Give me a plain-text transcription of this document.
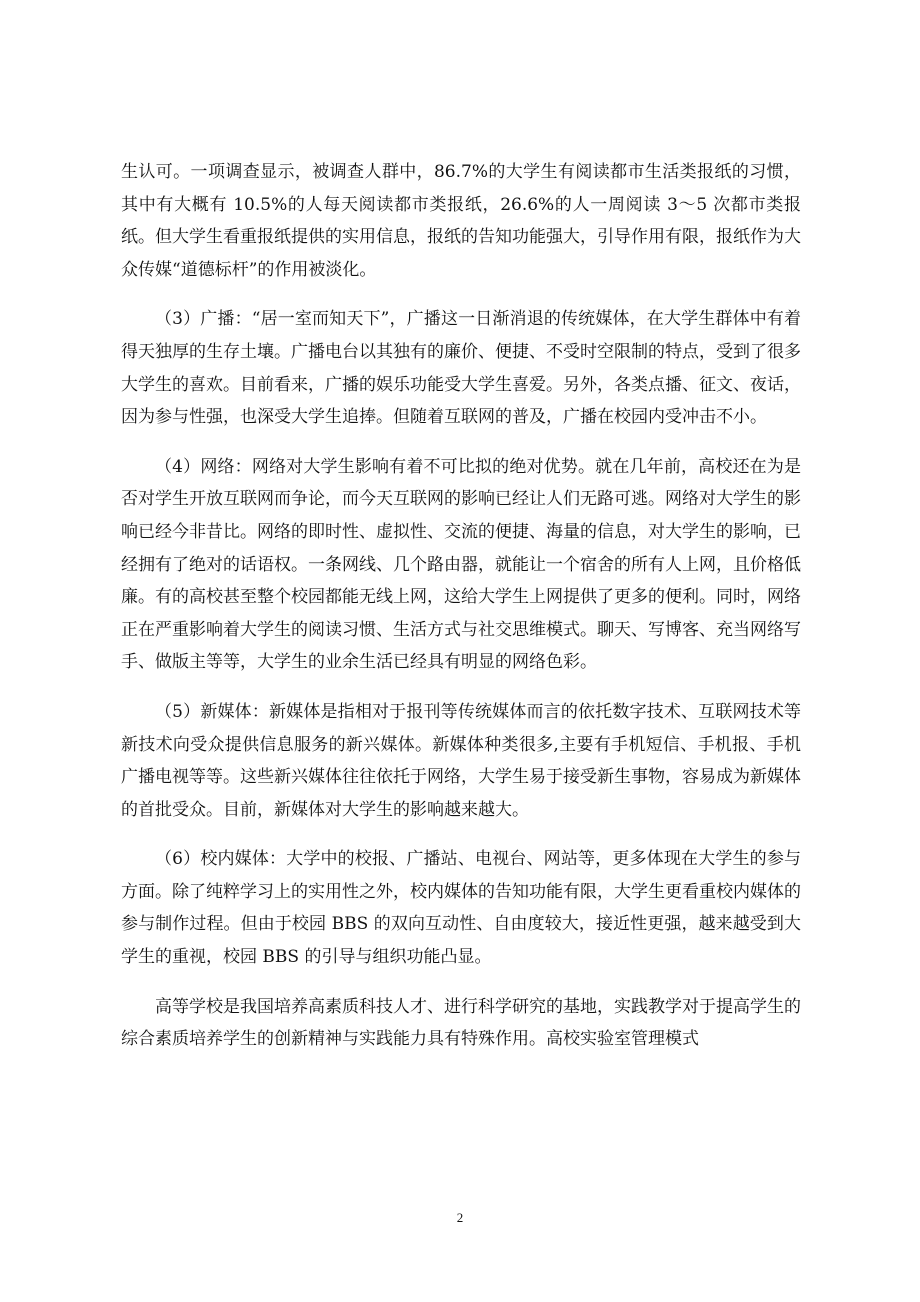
生认可。一项调查显示，被调查人群中，86.7%的大学生有阅读都市生活类报纸的习惯，其中有大概有 10.5%的人每天阅读都市类报纸，26.6%的人一周阅读 3～5 次都市类报纸。但大学生看重报纸提供的实用信息，报纸的告知功能强大，引导作用有限，报纸作为大众传媒“道德标杆”的作用被淡化。

（3）广播：“居一室而知天下”，广播这一日渐消退的传统媒体，在大学生群体中有着得天独厚的生存土壤。广播电台以其独有的廉价、便捷、不受时空限制的特点，受到了很多大学生的喜欢。目前看来，广播的娱乐功能受大学生喜爱。另外，各类点播、征文、夜话，因为参与性强，也深受大学生追捧。但随着互联网的普及，广播在校园内受冲击不小。

（4）网络：网络对大学生影响有着不可比拟的绝对优势。就在几年前，高校还在为是否对学生开放互联网而争论，而今天互联网的影响已经让人们无路可逃。网络对大学生的影响已经今非昔比。网络的即时性、虚拟性、交流的便捷、海量的信息，对大学生的影响，已经拥有了绝对的话语权。一条网线、几个路由器，就能让一个宿舍的所有人上网，且价格低廉。有的高校甚至整个校园都能无线上网，这给大学生上网提供了更多的便利。同时，网络正在严重影响着大学生的阅读习惯、生活方式与社交思维模式。聊天、写博客、充当网络写手、做版主等等，大学生的业余生活已经具有明显的网络色彩。

（5）新媒体：新媒体是指相对于报刊等传统媒体而言的依托数字技术、互联网技术等新技术向受众提供信息服务的新兴媒体。新媒体种类很多,主要有手机短信、手机报、手机广播电视等等。这些新兴媒体往往依托于网络，大学生易于接受新生事物，容易成为新媒体的首批受众。目前，新媒体对大学生的影响越来越大。

（6）校内媒体：大学中的校报、广播站、电视台、网站等，更多体现在大学生的参与方面。除了纯粹学习上的实用性之外，校内媒体的告知功能有限，大学生更看重校内媒体的参与制作过程。但由于校园 BBS 的双向互动性、自由度较大，接近性更强，越来越受到大学生的重视，校园 BBS 的引导与组织功能凸显。

高等学校是我国培养高素质科技人才、进行科学研究的基地，实践教学对于提高学生的综合素质培养学生的创新精神与实践能力具有特殊作用。高校实验室管理模式

2
